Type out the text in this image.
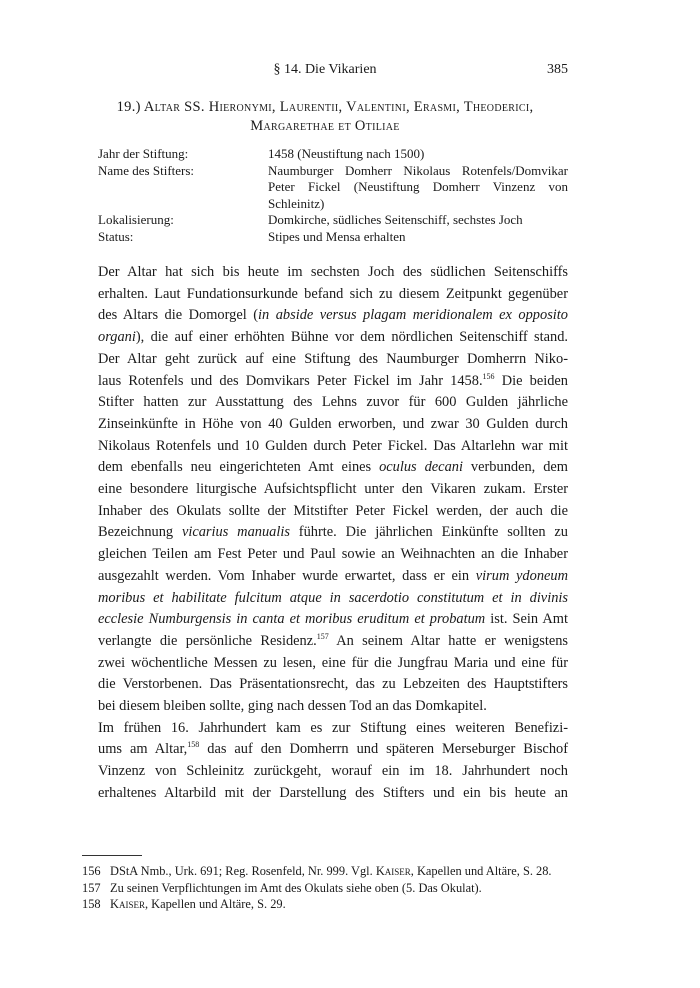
§ 14. Die Vikarien	385
19.) Altar SS. Hieronymi, Laurentii, Valentini, Erasmi, Theoderici,
Margarethae et Otiliae
Jahr der Stiftung:	1458 (Neustiftung nach 1500)
Name des Stifters:	Naumburger Domherr Nikolaus Rotenfels/Domvikar Peter Fickel (Neustiftung Domherr Vinzenz von Schleinitz)
Lokalisierung:	Domkirche, südliches Seitenschiff, sechstes Joch
Status:	Stipes und Mensa erhalten

Der Altar hat sich bis heute im sechsten Joch des südlichen Seitenschiffs
erhalten. Laut Fundationsurkunde befand sich zu diesem Zeitpunkt gegenüber
des Altars die Domorgel (in abside versus plagam meridionalem ex opposito
organi), die auf einer erhöhten Bühne vor dem nördlichen Seitenschiff stand.
Der Altar geht zurück auf eine Stiftung des Naumburger Domherrn Niko-
laus Rotenfels und des Domvikars Peter Fickel im Jahr 1458.$^{156}$ Die beiden
Stifter hatten zur Ausstattung des Lehns zuvor für 600 Gulden jährliche
Zinseinkünfte in Höhe von 40 Gulden erworben, und zwar 30 Gulden durch
Nikolaus Rotenfels und 10 Gulden durch Peter Fickel. Das Altarlehn war mit
dem ebenfalls neu eingerichteten Amt eines oculus decani verbunden, dem
eine besondere liturgische Aufsichtspflicht unter den Vikaren zukam. Erster
Inhaber des Okulats sollte der Mitstifter Peter Fickel werden, der auch die
Bezeichnung vicarius manualis führte. Die jährlichen Einkünfte sollten zu
gleichen Teilen am Fest Peter und Paul sowie an Weihnachten an die Inhaber
ausgezahlt werden. Vom Inhaber wurde erwartet, dass er ein virum ydoneum
moribus et habilitate fulcitum atque in sacerdotio constitutum et in divinis
ecclesie Numburgensis in canta et moribus eruditum et probatum ist. Sein Amt
verlangte die persönliche Residenz.$^{157}$ An seinem Altar hatte er wenigstens
zwei wöchentliche Messen zu lesen, eine für die Jungfrau Maria und eine für
die Verstorbenen. Das Präsentationsrecht, das zu Lebzeiten des Hauptstifters
bei diesem bleiben sollte, ging nach dessen Tod an das Domkapitel.

Im frühen 16. Jahrhundert kam es zur Stiftung eines weiteren Benefizi-
ums am Altar,$^{158}$ das auf den Domherrn und späteren Merseburger Bischof
Vinzenz von Schleinitz zurückgeht, worauf ein im 18. Jahrhundert noch
erhaltenes Altarbild mit der Darstellung des Stifters und ein bis heute an

156 DStA Nmb., Urk. 691; Reg. Rosenfeld, Nr. 999. Vgl. Kaiser, Kapellen und Altäre, S. 28.
157 Zu seinen Verpflichtungen im Amt des Okulats siehe oben (5. Das Okulat).
158 Kaiser, Kapellen und Altäre, S. 29.
